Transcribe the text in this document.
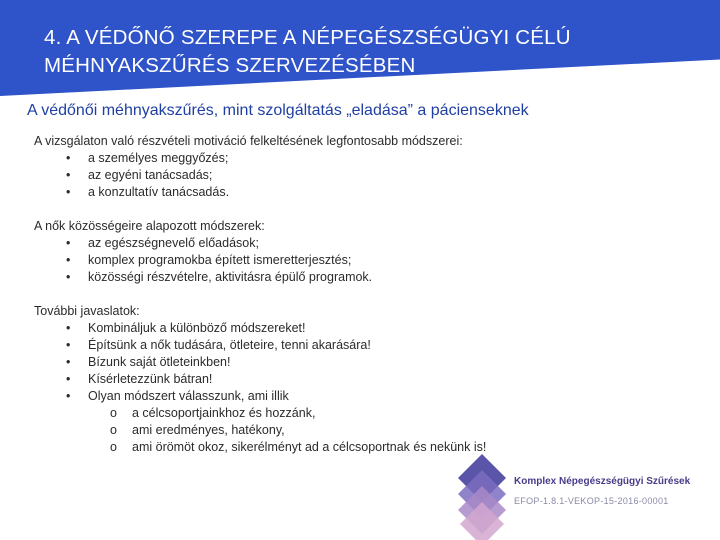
4. A VÉDŐNŐ SZEREPE A NÉPEGÉSZSÉGÜGYI CÉLÚ
MÉHNYAKSZŰRÉS SZERVEZÉSÉBEN
A védőnői méhnyakszűrés, mint szolgáltatás „eladása” a pácienseknek

A vizsgálaton való részvételi motiváció felkeltésének legfontosabb módszerei:

• a személyes meggyőzés;
• az egyéni tanácsadás;
• a konzultatív tanácsadás.

A nők közösségeire alapozott módszerek:

• az egészségnevelő előadások;
• komplex programokba épített ismeretterjesztés;
• közösségi részvételre, aktivitásra épülő programok.

További javaslatok:

• Kombináljuk a különböző módszereket!
• Építsünk a nők tudására, ötleteire, tenni akarására!
• Bízunk saját ötleteinkben!
• Kísérletezzünk bátran!
• Olyan módszert válasszunk, ami illik
o a célcsoportjainkhoz és hozzánk,
o ami eredményes, hatékony,
o ami örömöt okoz, sikerélményt ad a célcsoportnak és nekünk is!
Komplex Népegészségügyi Szűrések
EFOP-1.8.1-VEKOP-15-2016-00001
